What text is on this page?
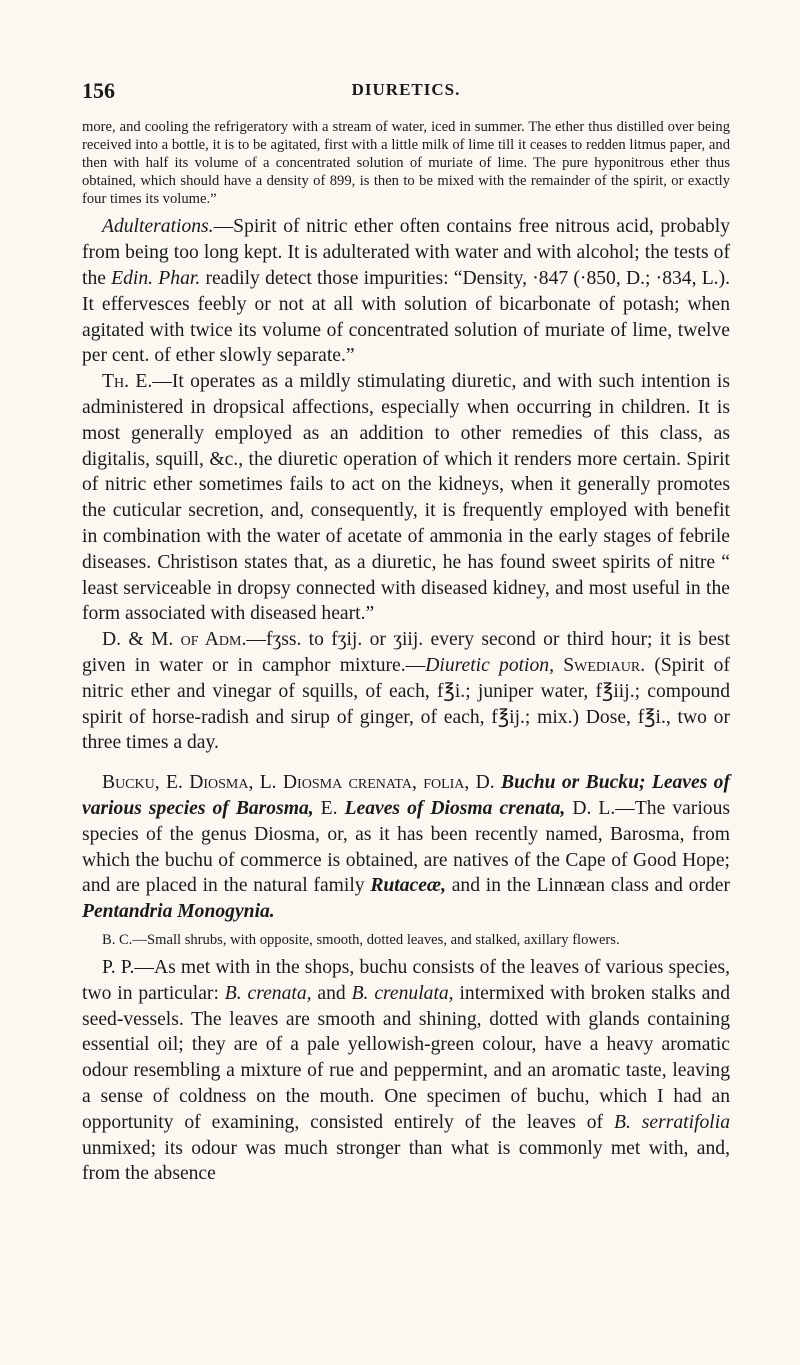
156	DIURETICS.

more, and cooling the refrigeratory with a stream of water, iced in summer. The ether thus distilled over being received into a bottle, it is to be agitated, first with a little milk of lime till it ceases to redden litmus paper, and then with half its volume of a concentrated solution of muriate of lime. The pure hyponitrous ether thus obtained, which should have a density of 899, is then to be mixed with the remainder of the spirit, or exactly four times its volume.”

Adulterations.—Spirit of nitric ether often contains free nitrous acid, probably from being too long kept. It is adulterated with water and with alcohol; the tests of the Edin. Phar. readily detect those impurities: “Density, ·847 (·850, D.; ·834, L.). It effervesces feebly or not at all with solution of bicarbonate of potash; when agitated with twice its volume of concentrated solution of muriate of lime, twelve per cent. of ether slowly separate.”

Th. E.—It operates as a mildly stimulating diuretic, and with such intention is administered in dropsical affections, especially when occurring in children. It is most generally employed as an addition to other remedies of this class, as digitalis, squill, &c., the diuretic operation of which it renders more certain. Spirit of nitric ether sometimes fails to act on the kidneys, when it generally promotes the cuticular secretion, and, consequently, it is frequently employed with benefit in combination with the water of acetate of ammonia in the early stages of febrile diseases. Christison states that, as a diuretic, he has found sweet spirits of nitre “ least serviceable in dropsy connected with diseased kidney, and most useful in the form associated with diseased heart.”

D. & M. of Adm.—fʒss. to fʒij. or ʒiij. every second or third hour; it is best given in water or in camphor mixture.—Diuretic potion, Swediaur. (Spirit of nitric ether and vinegar of squills, of each, f℥i.; juniper water, f℥iij.; compound spirit of horse-radish and sirup of ginger, of each, f℥ij.; mix.) Dose, f℥i., two or three times a day.

Bucku, E. Diosma, L. Diosma crenata, folia, D. Buchu or Bucku; Leaves of various species of Barosma, E. Leaves of Diosma crenata, D. L.—The various species of the genus Diosma, or, as it has been recently named, Barosma, from which the buchu of commerce is obtained, are natives of the Cape of Good Hope; and are placed in the natural family Rutaceæ, and in the Linnæan class and order Pentandria Monogynia.

B. C.—Small shrubs, with opposite, smooth, dotted leaves, and stalked, axillary flowers.

P. P.—As met with in the shops, buchu consists of the leaves of various species, two in particular: B. crenata, and B. crenulata, intermixed with broken stalks and seed-vessels. The leaves are smooth and shining, dotted with glands containing essential oil; they are of a pale yellowish-green colour, have a heavy aromatic odour resembling a mixture of rue and peppermint, and an aromatic taste, leaving a sense of coldness on the mouth. One specimen of buchu, which I had an opportunity of examining, consisted entirely of the leaves of B. serratifolia unmixed; its odour was much stronger than what is commonly met with, and, from the absence
